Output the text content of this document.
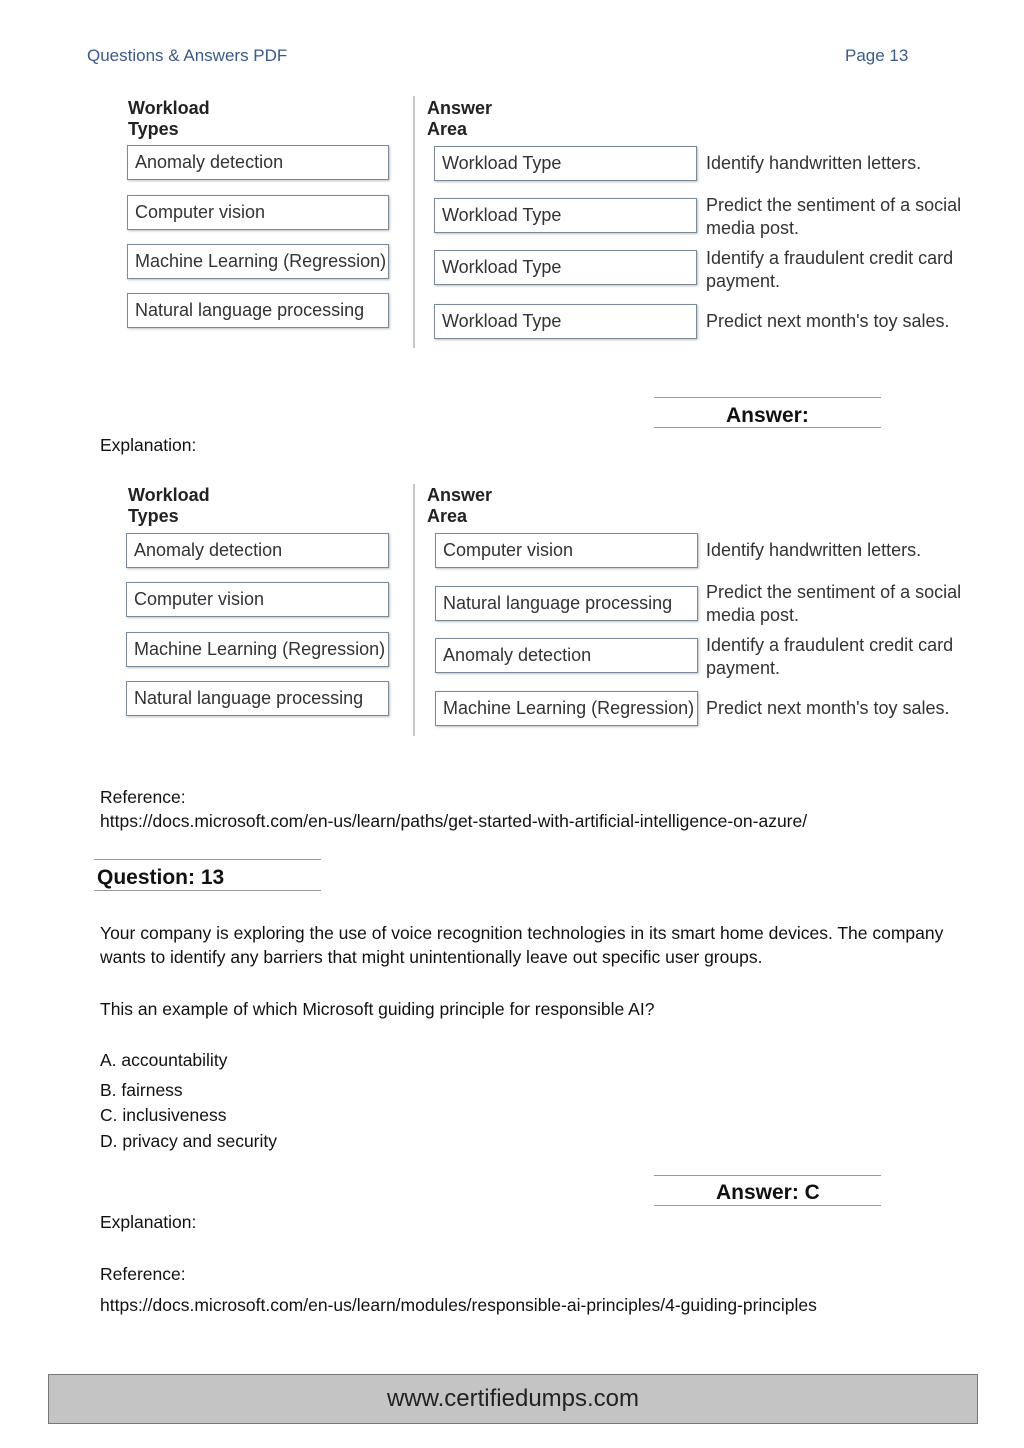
Questions & Answers PDF	Page 13
Workload Types
Answer Area
Anomaly detection
Computer vision
Machine Learning (Regression)
Natural language processing
Workload Type
Workload Type
Workload Type
Workload Type
Identify handwritten letters.
Predict the sentiment of a social media post.
Identify a fraudulent credit card payment.
Predict next month's toy sales.
Answer:
Explanation:
Workload Types
Answer Area
Anomaly detection
Computer vision
Machine Learning (Regression)
Natural language processing
Computer vision
Natural language processing
Anomaly detection
Machine Learning (Regression)
Identify handwritten letters.
Predict the sentiment of a social media post.
Identify a fraudulent credit card payment.
Predict next month's toy sales.
Reference:
https://docs.microsoft.com/en-us/learn/paths/get-started-with-artificial-intelligence-on-azure/
Question: 13
Your company is exploring the use of voice recognition technologies in its smart home devices. The company wants to identify any barriers that might unintentionally leave out specific user groups.
This an example of which Microsoft guiding principle for responsible AI?
A. accountability
B. fairness
C. inclusiveness
D. privacy and security
Answer: C
Explanation:
Reference:
https://docs.microsoft.com/en-us/learn/modules/responsible-ai-principles/4-guiding-principles
www.certifiedumps.com
